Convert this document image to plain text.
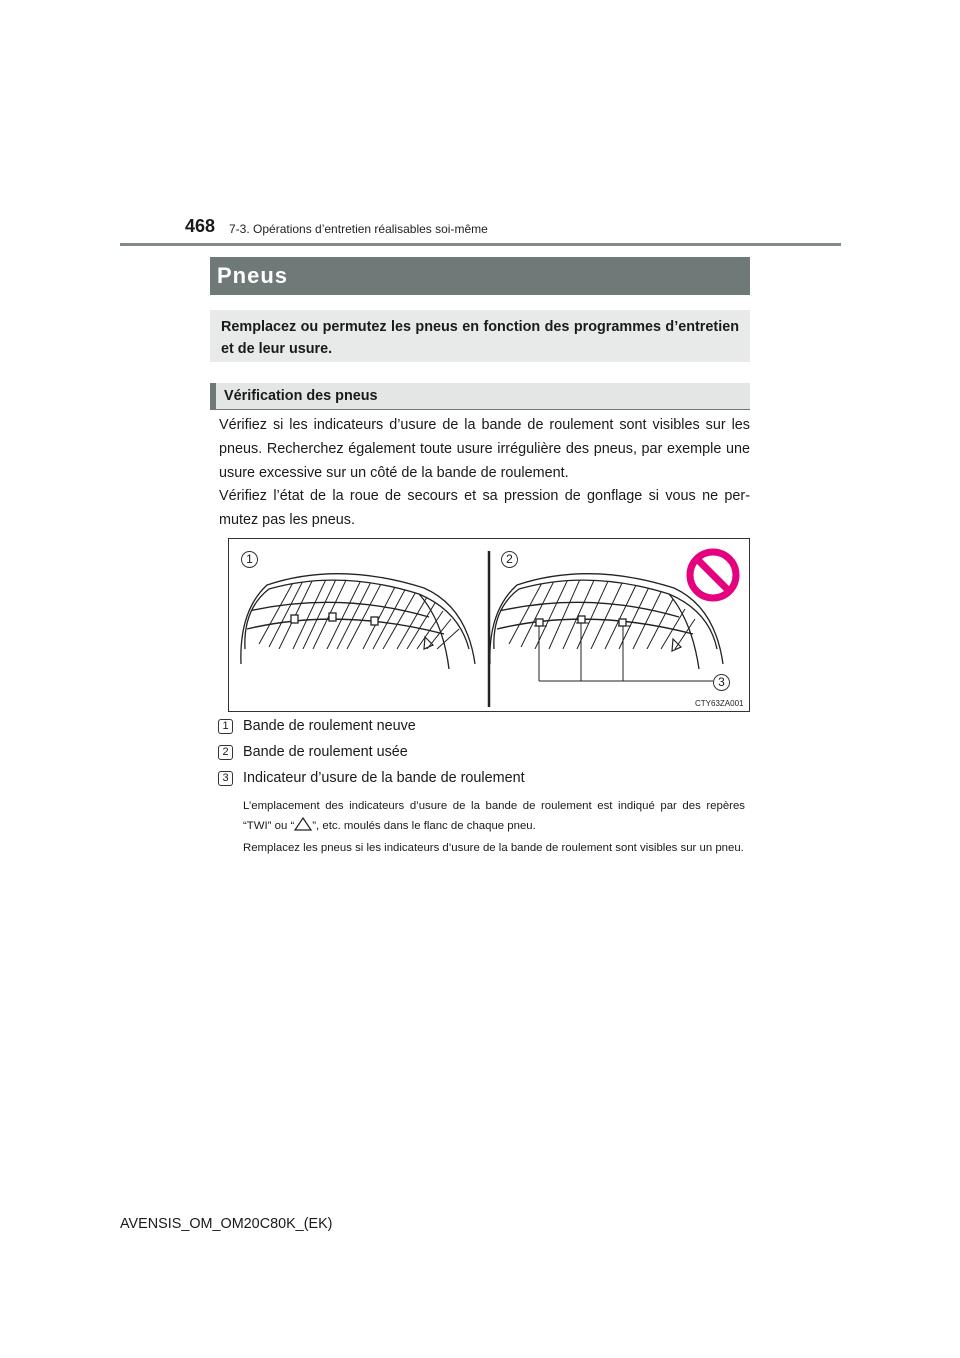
468 7-3. Opérations d’entretien réalisables soi-même
Pneus
Remplacez ou permutez les pneus en fonction des programmes d’entretien et de leur usure.
Vérification des pneus
Vérifiez si les indicateurs d’usure de la bande de roulement sont visibles sur les pneus. Recherchez également toute usure irrégulière des pneus, par exemple une usure excessive sur un côté de la bande de roulement.
Vérifiez l’état de la roue de secours et sa pression de gonflage si vous ne per-mutez pas les pneus.
1	2
3
CTY63ZA001
1	Bande de roulement neuve
2	Bande de roulement usée
3	Indicateur d’usure de la bande de roulement
L’emplacement des indicateurs d’usure de la bande de roulement est indiqué par des repères “TWI” ou “ ”, etc. moulés dans le flanc de chaque pneu.
Remplacez les pneus si les indicateurs d’usure de la bande de roulement sont visibles sur un pneu.
AVENSIS_OM_OM20C80K_(EK)
